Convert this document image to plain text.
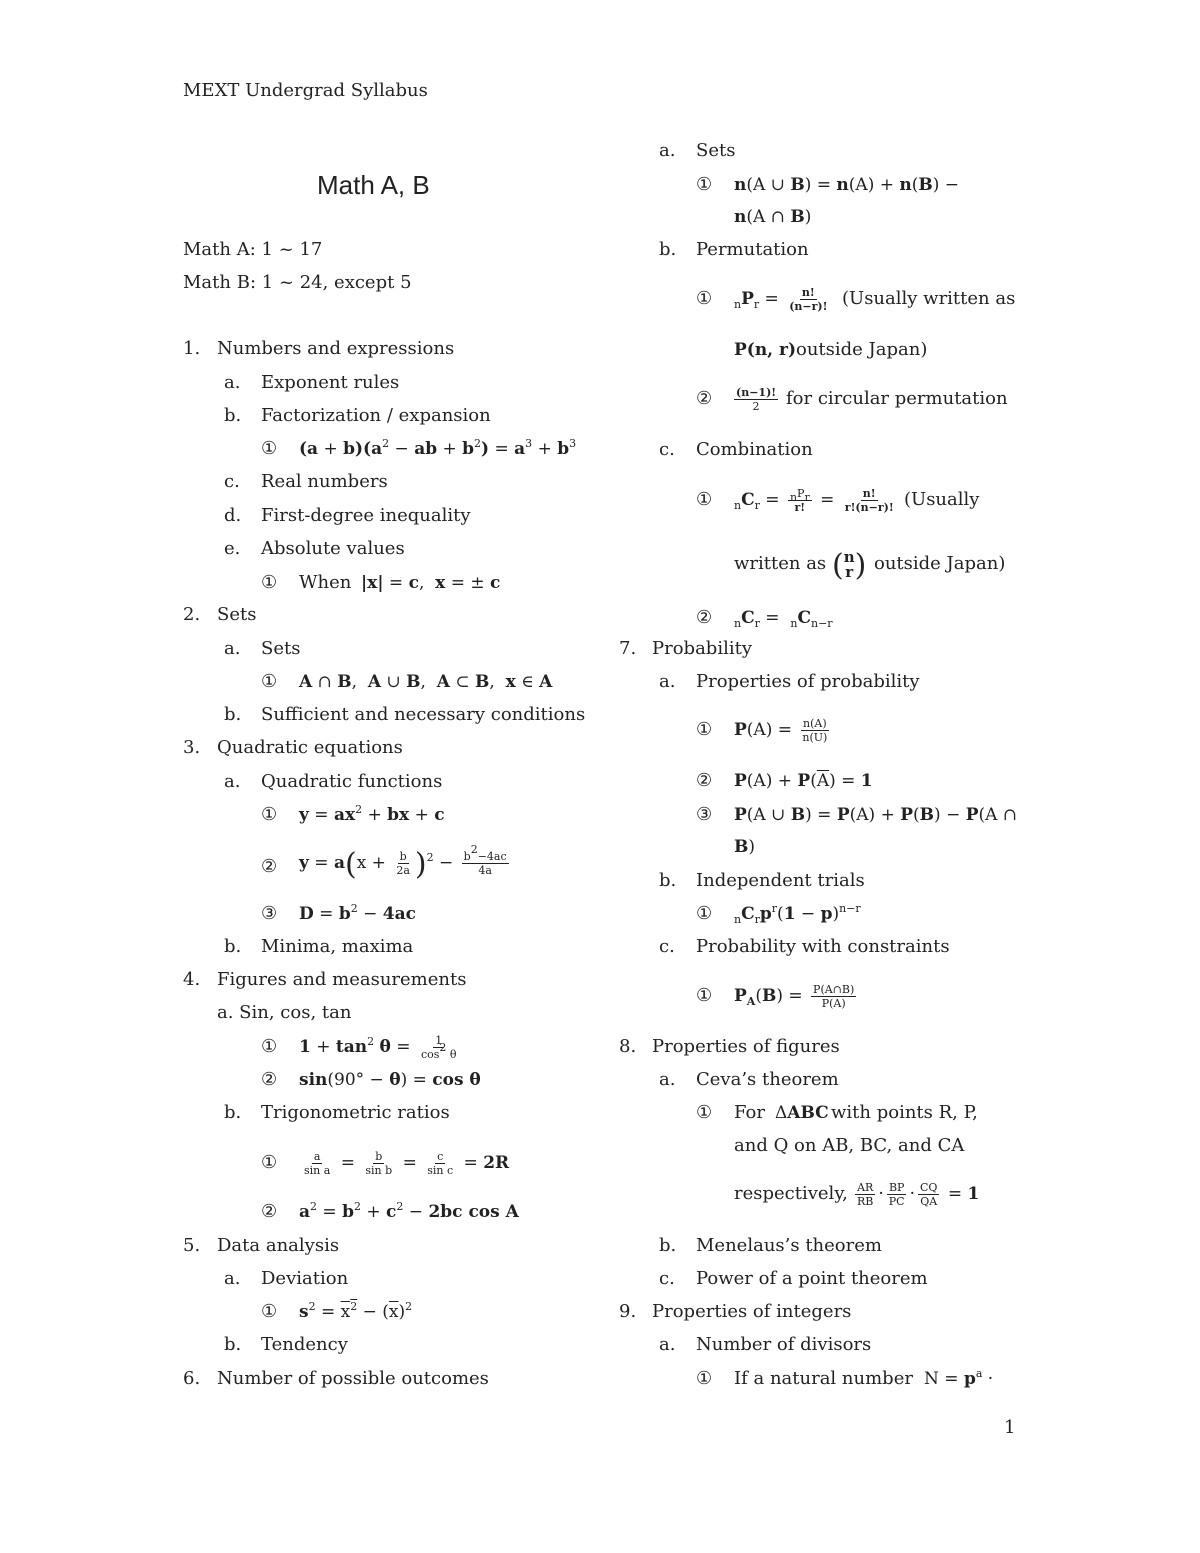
MEXT Undergrad Syllabus
1
Math A, B
Math A: 1 ~ 17
Math B: 1 ~ 24, except 5
1. Numbers and expressions
a. Exponent rules
b. Factorization / expansion
① $(a + b)(a^2$ − ab + $b^2) = a^3 + b^3$
c. Real numbers
d. First-degree inequality
e. Absolute values
① When |x| = c,  x = ± c
2. Sets
a. Sets
① A ∩ B,  A ∪ B,  A ⊂ B,  x ∈ A
b. Sufficient and necessary conditions
3. Quadratic equations
a. Quadratic functions
① $y = ax^2$ + bx + c
② $y = a(x + \frac{b}{2a} )^2 - \frac{b^2-4ac}{4a}$
③ $D = b^2 - 4ac$
b. Minima, maxima
4. Figures and measurements
a. Sin, cos, tan
① $1 + \tan^2 \theta = \frac{1}{\cos^2 \theta}$
② sin(90° − θ) = cos θ
b. Trigonometric ratios
① $\frac{a}{\text{sin a}} = \frac{b}{\text{sin b}} = \frac{c}{\text{sin c}} = 2R$
② $a^2 = b^2 + c^2 - 2bc$ cos A
5. Data analysis
a. Deviation
① $s^2 = x^2 - (\overline{x})^2$
b. Tendency
6. Number of possible outcomes
a. Sets
① n(A ∪ B) = n(A) + n(B) −
n(A ∩ B)
b. Permutation
① $_nP_r = \frac{n!}{(n-r)!}$ (Usually written as
P(n, r) outside Japan)
② $\frac{(n-1)!}{2}$ for circular permutation
c. Combination
① $_nC_r = \frac{_nP_r}{r!} = \frac{n!}{r!(n-r)!}$ (Usually
written as ( n
r ) outside Japan)
② $_nC_r = _nC_{n-r}$
7. Probability
a. Properties of probability
① $P(A) = \frac{n(A)}{n(U)}$
② $P(A) + P(\overline{A}) = 1$
③ P(A ∪ B) = P(A) + P(B) − P(A ∩
B)
b. Independent trials
① $_nC_rp^r(1 - p)^{n-r}$
c. Probability with constraints
① $P_A(B) = \frac{P(A\cap B)}{P(A)}$
8. Properties of figures
a. Ceva’s theorem
① For ΔABC with points R, P,
and Q on AB, BC, and CA
respectively, $\frac{AR}{RB} \cdot \frac{BP}{PC} \cdot \frac{CQ}{QA} = 1$
b. Menelaus’s theorem
c. Power of a point theorem
9. Properties of integers
a. Number of divisors
① If a natural number $N = p^a$ ·
